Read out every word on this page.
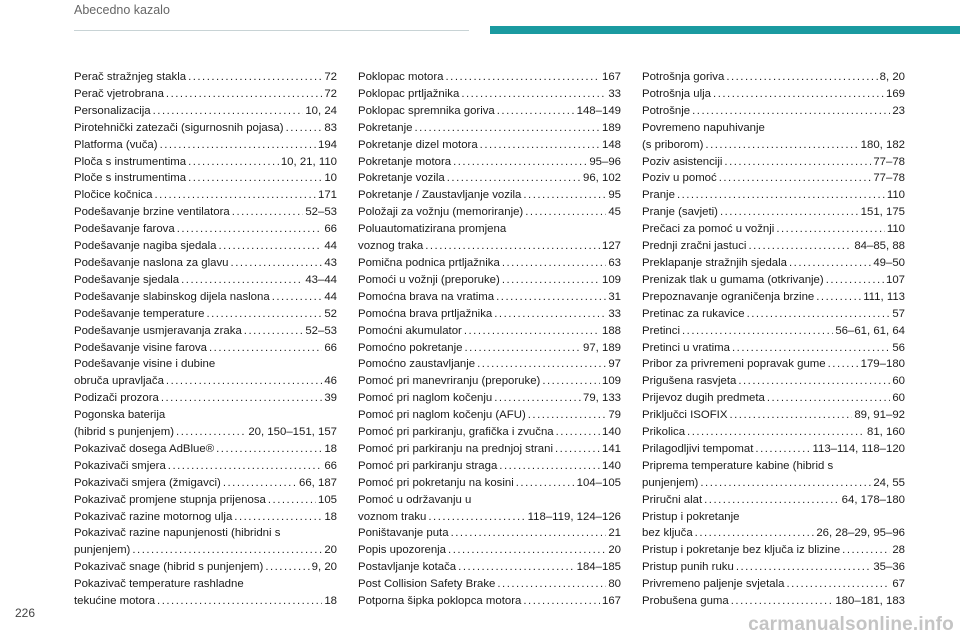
Abecedno kazalo
Perač stražnjeg stakla .....	72
Perač vjetrobrana .....	72
Personalizacija .....	10, 24
Pirotehnički zatezači (sigurnosnih pojasa) .....	83
Platforma (vuča) .....	194
Ploča s instrumentima .....	10, 21, 110
Ploče s instrumentima .....	10
Pločice kočnica .....	171
Podešavanje brzine ventilatora .....	52–53
Podešavanje farova .....	66
Podešavanje nagiba sjedala .....	44
Podešavanje naslona za glavu .....	43
Podešavanje sjedala .....	43–44
Podešavanje slabinskog dijela naslona .....	44
Podešavanje temperature .....	52
Podešavanje usmjeravanja zraka .....	52–53
Podešavanje visine farova .....	66
Podešavanje visine i dubine
obruča upravljača .....	46
Podizači prozora .....	39
Pogonska baterija
(hibrid s punjenjem) .....	20, 150–151, 157
Pokazivač dosega AdBlue® .....	18
Pokazivači smjera .....	66
Pokazivači smjera (žmigavci) .....	66, 187
Pokazivač promjene stupnja prijenosa .....	105
Pokazivač razine motornog ulja .....	18
Pokazivač razine napunjenosti (hibridni s
punjenjem) .....	20
Pokazivač snage (hibrid s punjenjem) .....	9, 20
Pokazivač temperature rashladne
tekućine motora .....	18
Poklopac motora .....	167
Poklopac prtljažnika .....	33
Poklopac spremnika goriva .....	148–149
Pokretanje .....	189
Pokretanje dizel motora .....	148
Pokretanje motora .....	95–96
Pokretanje vozila .....	96, 102
Pokretanje / Zaustavljanje vozila .....	95
Položaji za vožnju (memoriranje) .....	45
Poluautomatizirana promjena
voznog traka .....	127
Pomična podnica prtljažnika .....	63
Pomoći u vožnji (preporuke) .....	109
Pomoćna brava na vratima .....	31
Pomoćna brava prtljažnika .....	33
Pomoćni akumulator .....	188
Pomoćno pokretanje .....	97, 189
Pomoćno zaustavljanje .....	97
Pomoć pri manevriranju (preporuke) .....	109
Pomoć pri naglom kočenju .....	79, 133
Pomoć pri naglom kočenju (AFU) .....	79
Pomoć pri parkiranju, grafička i zvučna .....	140
Pomoć pri parkiranju na prednjoj strani .....	141
Pomoć pri parkiranju straga .....	140
Pomoć pri pokretanju na kosini .....	104–105
Pomoć u održavanju u
voznom traku .....	118–119, 124–126
Poništavanje puta .....	21
Popis upozorenja .....	20
Postavljanje kotača .....	184–185
Post Collision Safety Brake .....	80
Potporna šipka poklopca motora .....	167
Potrošnja goriva .....	8, 20
Potrošnja ulja .....	169
Potrošnje .....	23
Povremeno napuhivanje
(s priborom) .....	180, 182
Poziv asistenciji .....	77–78
Poziv u pomoć .....	77–78
Pranje .....	110
Pranje (savjeti) .....	151, 175
Prečaci za pomoć u vožnji .....	110
Prednji zračni jastuci .....	84–85, 88
Preklapanje stražnjih sjedala .....	49–50
Prenizak tlak u gumama (otkrivanje) .....	107
Prepoznavanje ograničenja brzine .....	111, 113
Pretinac za rukavice .....	57
Pretinci .....	56–61, 61, 64
Pretinci u vratima .....	56
Pribor za privremeni popravak gume .....	179–180
Prigušena rasvjeta .....	60
Prijevoz dugih predmeta .....	60
Priključci ISOFIX .....	89, 91–92
Prikolica .....	81, 160
Prilagodljivi tempomat .....	113–114, 118–120
Priprema temperature kabine (hibrid s
punjenjem) .....	24, 55
Priručni alat .....	64, 178–180
Pristup i pokretanje
bez ključa .....	26, 28–29, 95–96
Pristup i pokretanje bez ključa iz blizine .....	28
Pristup punih ruku .....	35–36
Privremeno paljenje svjetala .....	67
Probušena guma .....	180–181, 183
226
carmanualsonline.info
